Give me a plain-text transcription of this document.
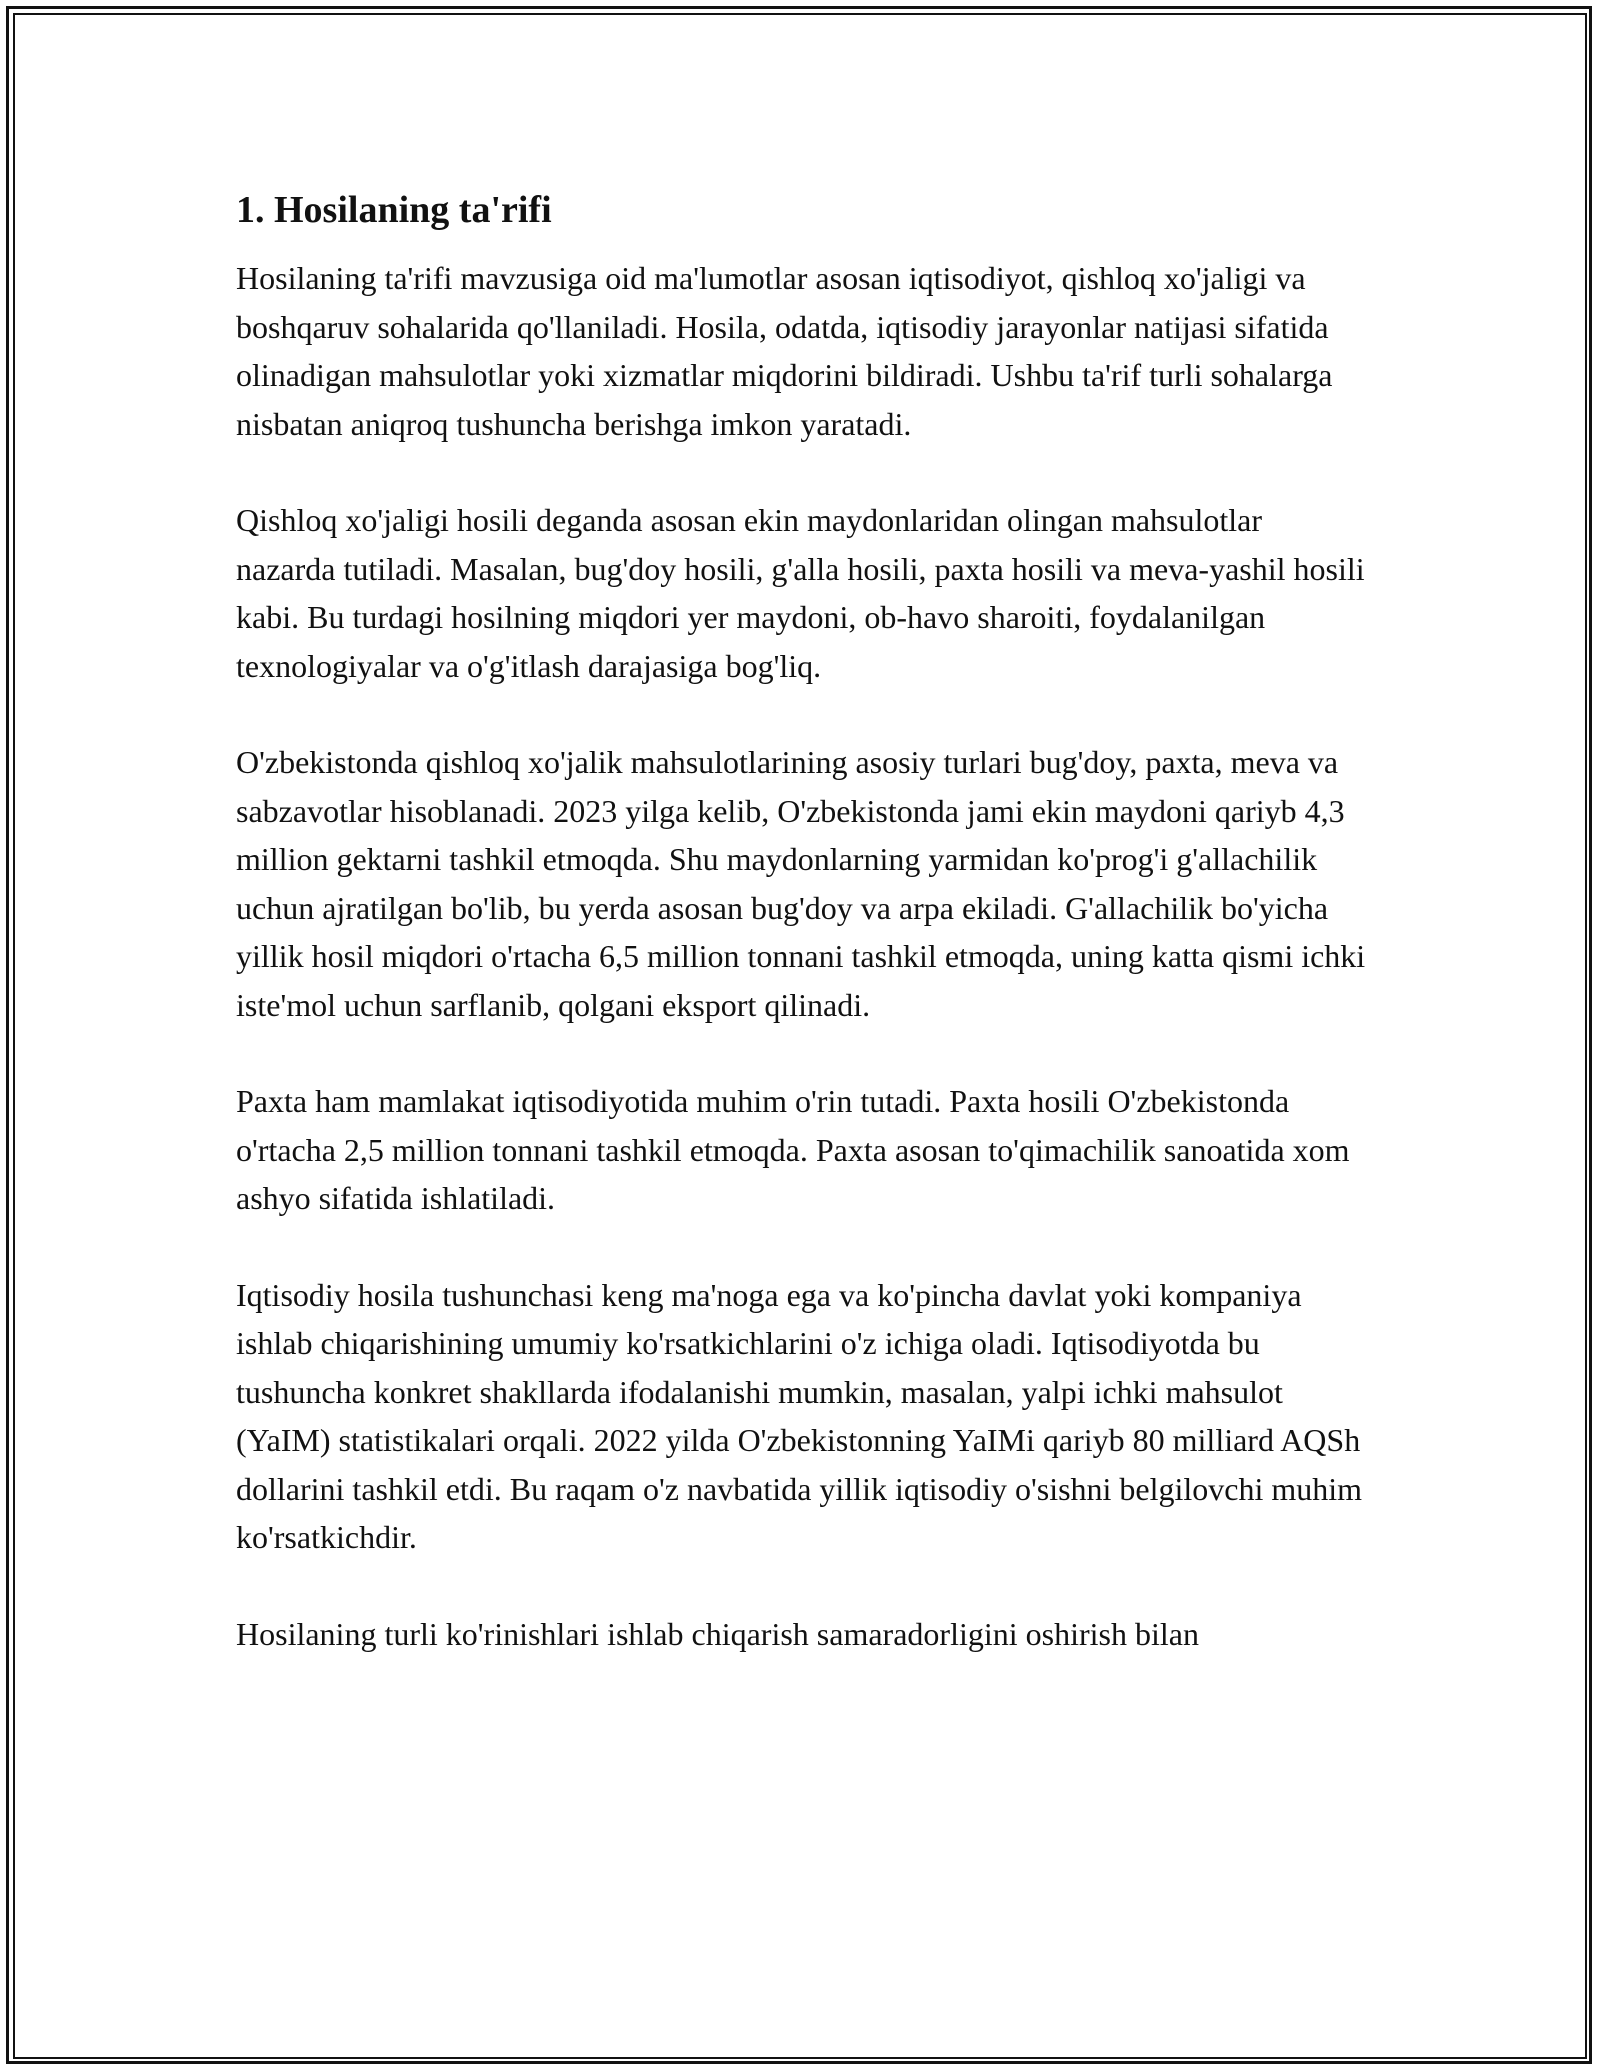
1. Hosilaning ta'rifi

Hosilaning ta'rifi mavzusiga oid ma'lumotlar asosan iqtisodiyot, qishloq xo'jaligi va boshqaruv sohalarida qo'llaniladi. Hosila, odatda, iqtisodiy jarayonlar natijasi sifatida olinadigan mahsulotlar yoki xizmatlar miqdorini bildiradi. Ushbu ta'rif turli sohalarga nisbatan aniqroq tushuncha berishga imkon yaratadi.

Qishloq xo'jaligi hosili deganda asosan ekin maydonlaridan olingan mahsulotlar nazarda tutiladi. Masalan, bug'doy hosili, g'alla hosili, paxta hosili va meva-yashil hosili kabi. Bu turdagi hosilning miqdori yer maydoni, ob-havo sharoiti, foydalanilgan texnologiyalar va o'g'itlash darajasiga bog'liq.

O'zbekistonda qishloq xo'jalik mahsulotlarining asosiy turlari bug'doy, paxta, meva va sabzavotlar hisoblanadi. 2023 yilga kelib, O'zbekistonda jami ekin maydoni qariyb 4,3 million gektarni tashkil etmoqda. Shu maydonlarning yarmidan ko'prog'i g'allachilik uchun ajratilgan bo'lib, bu yerda asosan bug'doy va arpa ekiladi. G'allachilik bo'yicha yillik hosil miqdori o'rtacha 6,5 million tonnani tashkil etmoqda, uning katta qismi ichki iste'mol uchun sarflanib, qolgani eksport qilinadi.

Paxta ham mamlakat iqtisodiyotida muhim o'rin tutadi. Paxta hosili O'zbekistonda o'rtacha 2,5 million tonnani tashkil etmoqda. Paxta asosan to'qimachilik sanoatida xom ashyo sifatida ishlatiladi.

Iqtisodiy hosila tushunchasi keng ma'noga ega va ko'pincha davlat yoki kompaniya ishlab chiqarishining umumiy ko'rsatkichlarini o'z ichiga oladi. Iqtisodiyotda bu tushuncha konkret shakllarda ifodalanishi mumkin, masalan, yalpi ichki mahsulot (YaIM) statistikalari orqali. 2022 yilda O'zbekistonning YaIMi qariyb 80 milliard AQSh dollarini tashkil etdi. Bu raqam o'z navbatida yillik iqtisodiy o'sishni belgilovchi muhim ko'rsatkichdir.

Hosilaning turli ko'rinishlari ishlab chiqarish samaradorligini oshirish bilan
